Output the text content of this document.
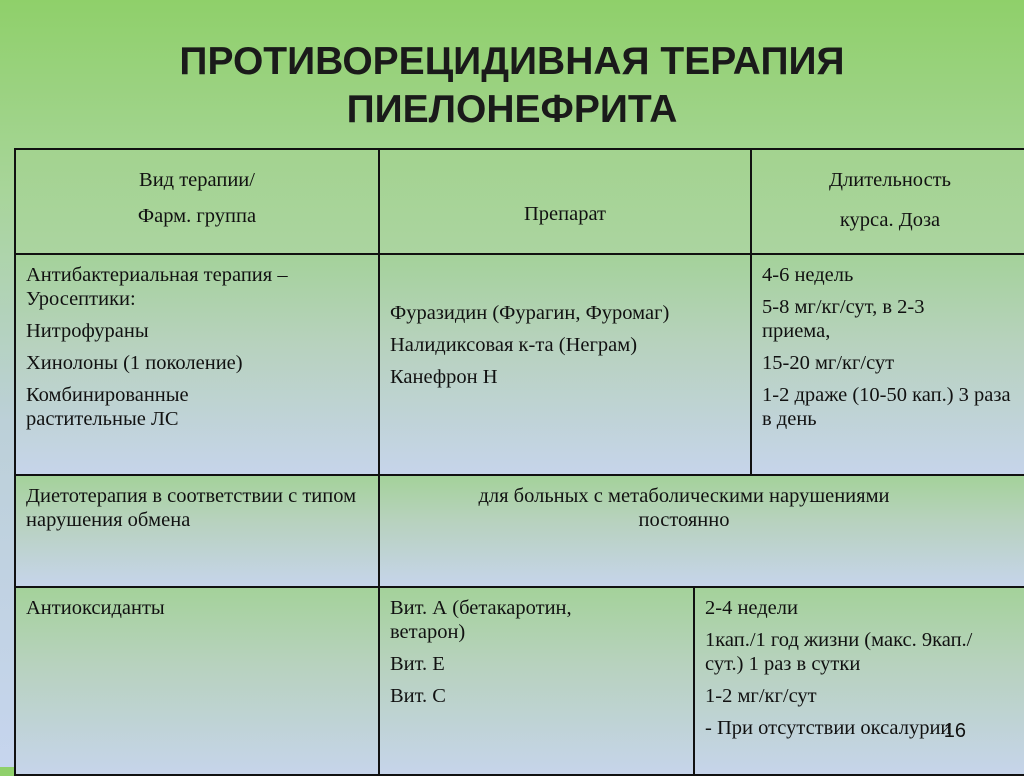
ПРОТИВОРЕЦИДИВНАЯ ТЕРАПИЯ
ПИЕЛОНЕФРИТА
Вид терапии/
Фарм. группа	Препарат
Длительность
курса. Доза

Антибактериальная терапия – Уросептики:

Нитрофураны

Хинолоны (1 поколение)

Комбинированные растительные ЛС

Фуразидин (Фурагин, Фуромаг)

Налидиксовая к-та (Неграм)

Канефрон Н

4-6 недель

5-8 мг/кг/сут, в 2-3 приема,

15-20 мг/кг/сут

1-2 драже (10-50 кап.) 3 раза в день

Диетотерапия в соответствии с типом нарушения обмена

для больных с метаболическими нарушениями
постоянно

Антиоксиданты	Вит. А (бетакаротин, ветарон)

Вит. Е

Вит. С

2-4 недели

1кап./1 год жизни (макс. 9кап./сут.) 1 раз в сутки

1-2 мг/кг/сут

- При отсутствии оксалурии

16
